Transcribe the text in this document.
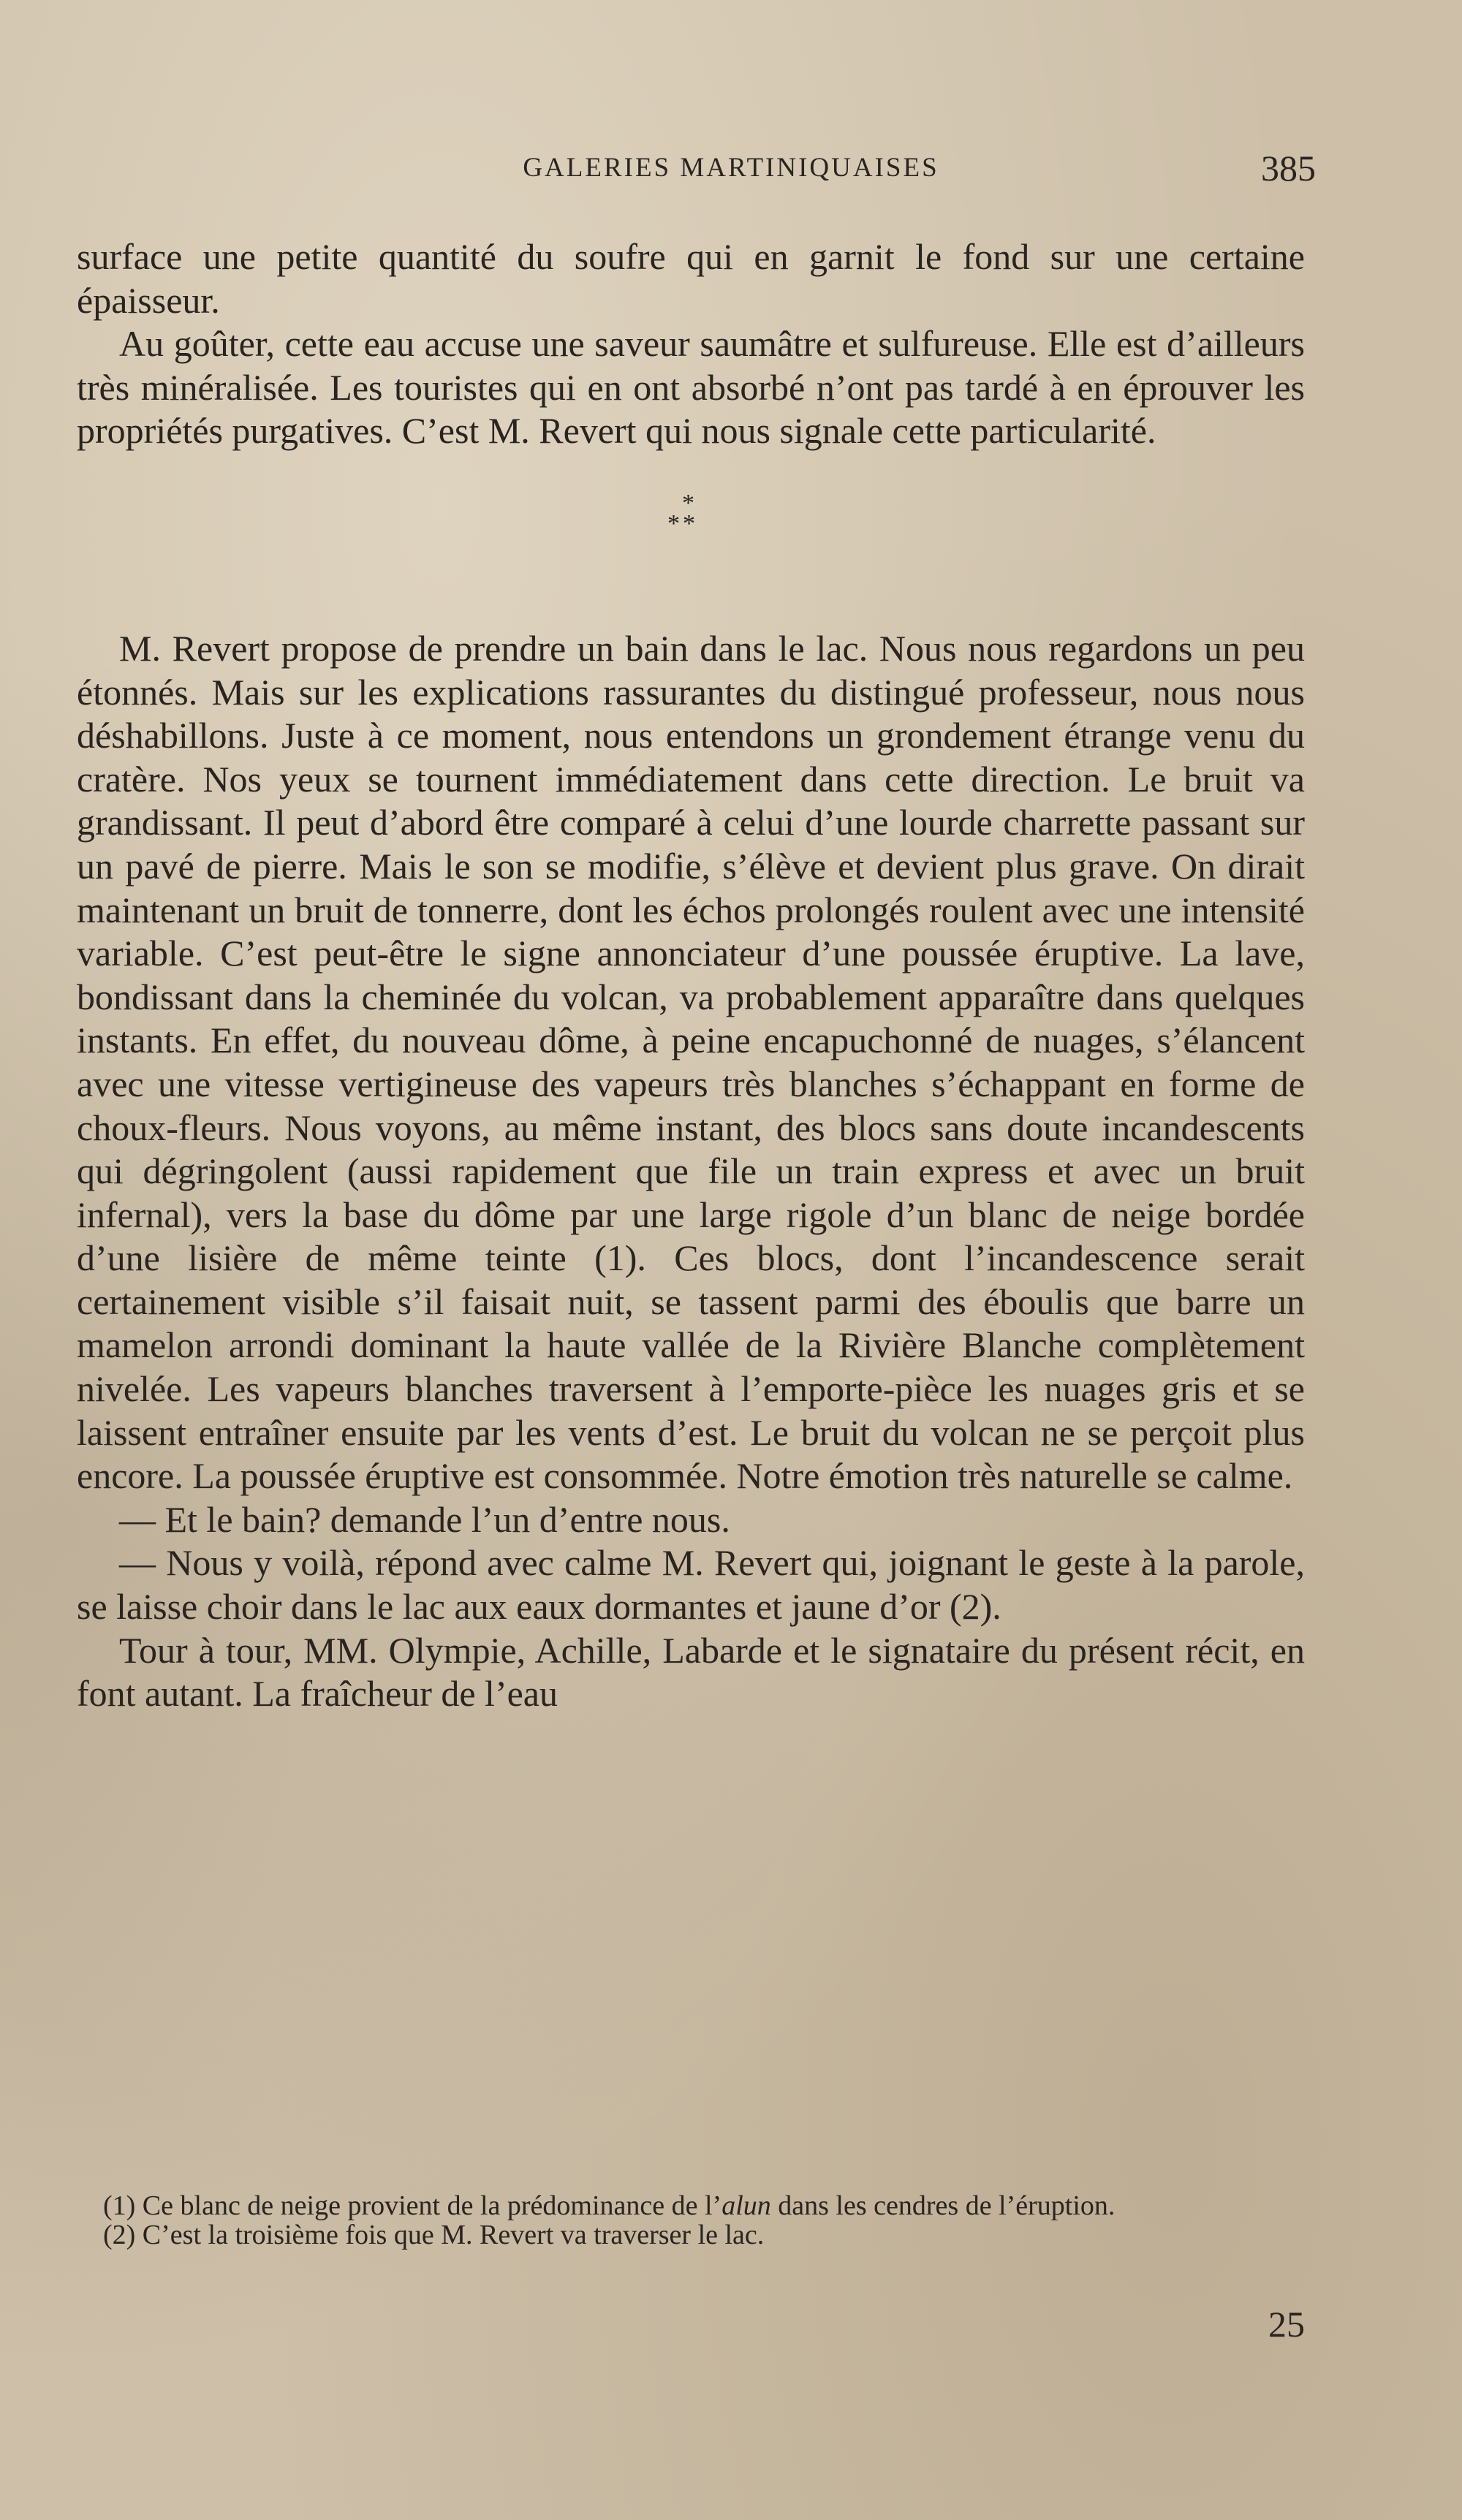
GALERIES MARTINIQUAISES	385

surface une petite quantité du soufre qui en garnit le fond sur une certaine épaisseur.

Au goûter, cette eau accuse une saveur saumâtre et sulfureuse. Elle est d’ailleurs très minéralisée. Les touristes qui en ont absorbé n’ont pas tardé à en éprouver les propriétés purgatives. C’est M. Revert qui nous signale cette particularité.

*
**

M. Revert propose de prendre un bain dans le lac. Nous nous regardons un peu étonnés. Mais sur les explications rassurantes du distingué professeur, nous nous déshabillons. Juste à ce moment, nous entendons un grondement étrange venu du cratère. Nos yeux se tournent immédiatement dans cette direction. Le bruit va grandissant. Il peut d’abord être comparé à celui d’une lourde charrette passant sur un pavé de pierre. Mais le son se modifie, s’élève et devient plus grave. On dirait maintenant un bruit de tonnerre, dont les échos prolongés roulent avec une intensité variable. C’est peut-être le signe annonciateur d’une poussée éruptive. La lave, bondissant dans la cheminée du volcan, va probablement apparaître dans quelques instants. En effet, du nouveau dôme, à peine encapuchonné de nuages, s’élancent avec une vitesse vertigineuse des vapeurs très blanches s’échappant en forme de choux-fleurs. Nous voyons, au même instant, des blocs sans doute incandescents qui dégringolent (aussi rapidement que file un train express et avec un bruit infernal), vers la base du dôme par une large rigole d’un blanc de neige bordée d’une lisière de même teinte (1). Ces blocs, dont l’incandescence serait certainement visible s’il faisait nuit, se tassent parmi des éboulis que barre un mamelon arrondi dominant la haute vallée de la Rivière Blanche complètement nivelée. Les vapeurs blanches traversent à l’emporte-pièce les nuages gris et se laissent entraîner ensuite par les vents d’est. Le bruit du volcan ne se perçoit plus encore. La poussée éruptive est consommée. Notre émotion très naturelle se calme.

— Et le bain? demande l’un d’entre nous.

— Nous y voilà, répond avec calme M. Revert qui, joignant le geste à la parole, se laisse choir dans le lac aux eaux dormantes et jaune d’or (2).

Tour à tour, MM. Olympie, Achille, Labarde et le signataire du présent récit, en font autant. La fraîcheur de l’eau

(1) Ce blanc de neige provient de la prédominance de l’alun dans les cendres de l’éruption.

(2) C’est la troisième fois que M. Revert va traverser le lac.

25
